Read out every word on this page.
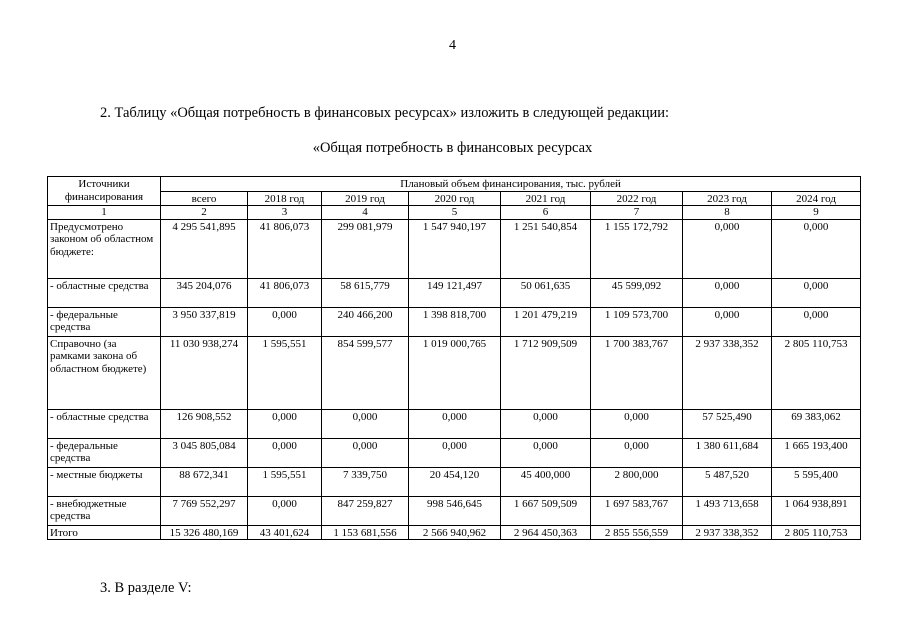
4
2. Таблицу «Общая потребность в финансовых ресурсах» изложить в следующей редакции:
«Общая потребность в финансовых ресурсах
Источники финансирования	Плановый объем финансирования, тыс. рублей							
	всего	2018 год	2019 год	2020 год	2021 год	2022 год	2023 год	2024 год
1	2	3	4	5	6	7	8	9
Предусмотрено законом об областном бюджете:	4 295 541,895	41 806,073	299 081,979	1 547 940,197	1 251 540,854	1 155 172,792	0,000	0,000
- областные средства	345 204,076	41 806,073	58 615,779	149 121,497	50 061,635	45 599,092	0,000	0,000
- федеральные средства	3 950 337,819	0,000	240 466,200	1 398 818,700	1 201 479,219	1 109 573,700	0,000	0,000
Справочно (за рамками закона об областном бюджете)	11 030 938,274	1 595,551	854 599,577	1 019 000,765	1 712 909,509	1 700 383,767	2 937 338,352	2 805 110,753
- областные средства	126 908,552	0,000	0,000	0,000	0,000	0,000	57 525,490	69 383,062
- федеральные средства	3 045 805,084	0,000	0,000	0,000	0,000	0,000	1 380 611,684	1 665 193,400
- местные бюджеты	88 672,341	1 595,551	7 339,750	20 454,120	45 400,000	2 800,000	5 487,520	5 595,400
- внебюджетные средства	7 769 552,297	0,000	847 259,827	998 546,645	1 667 509,509	1 697 583,767	1 493 713,658	1 064 938,891
Итого	15 326 480,169	43 401,624	1 153 681,556	2 566 940,962	2 964 450,363	2 855 556,559	2 937 338,352	2 805 110,753
3. В разделе V:
